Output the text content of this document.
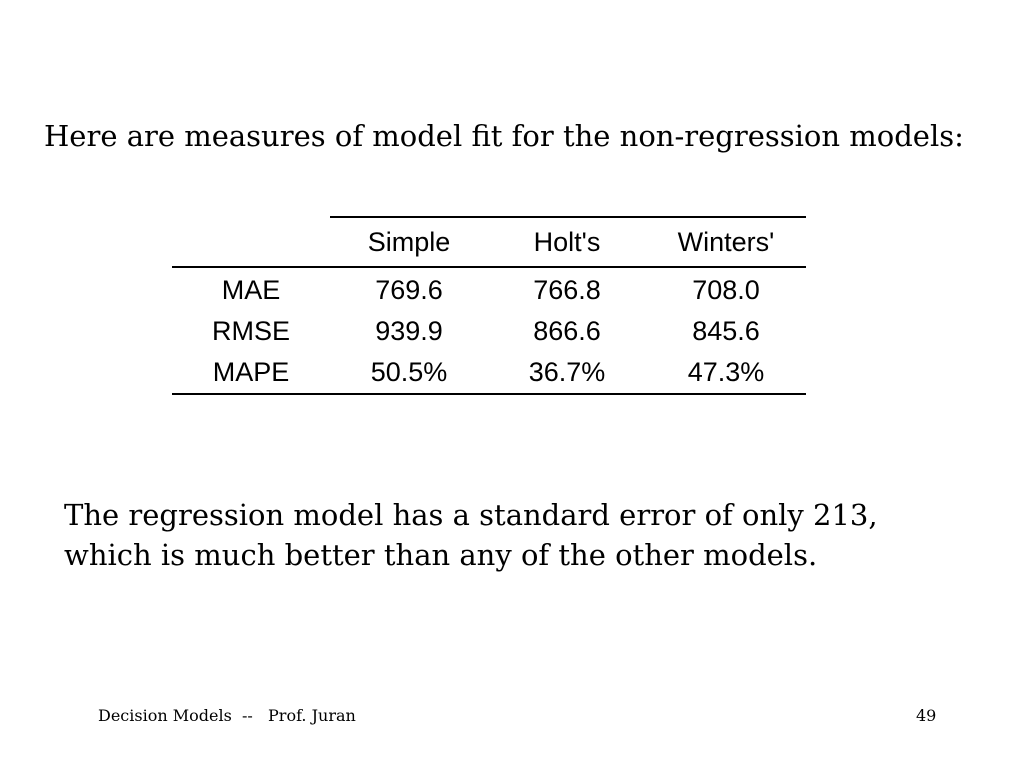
Here are measures of model fit for the non-regression models:
	Simple	Holt's	Winters'
MAE	769.6	766.8	708.0
RMSE	939.9	866.6	845.6
MAPE	50.5%	36.7%	47.3%

The regression model has a standard error of only 213,
which is much better than any of the other models.

Decision Models  --   Prof. Juran	49
